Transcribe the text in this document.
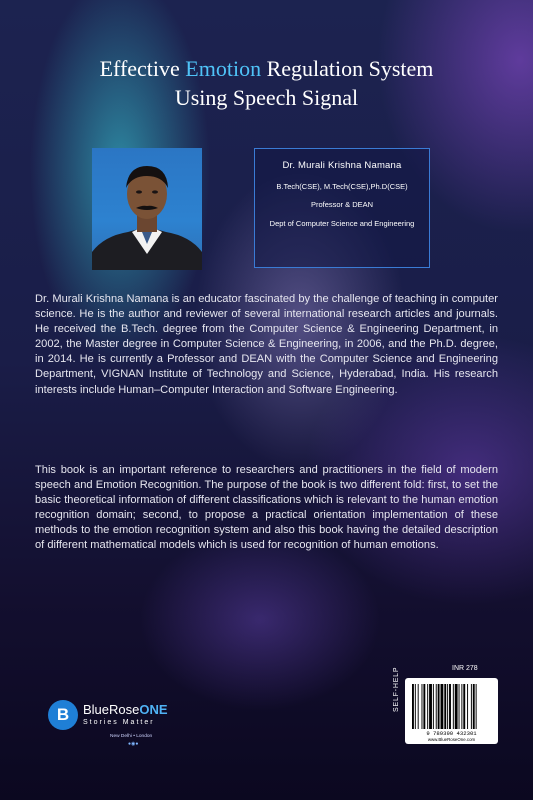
Effective Emotion Regulation System
Using Speech Signal
Dr. Murali Krishna Namana
B.Tech(CSE), M.Tech(CSE),Ph.D(CSE)
Professor & DEAN
Dept of Computer Science and Engineering
Dr. Murali Krishna Namana is an educator fascinated by the challenge of teaching in computer science. He is the author and reviewer of several international research articles and journals. He received the B.Tech. degree from the Computer Science & Engineering Department, in 2002, the Master degree in Computer Science & Engineering, in 2006, and the Ph.D. degree, in 2014. He is currently a Professor and DEAN with the Computer Science and Engineering Department, VIGNAN Institute of Technology and Science, Hyderabad, India. His research interests include Human–Computer Interaction and Software Engineering.
This book is an important reference to researchers and practitioners in the field of modern speech and Emotion Recognition. The purpose of the book is two different fold: first, to set the basic theoretical information of different classifications which is relevant to the human emotion recognition domain; second, to propose a practical orientation implementation of these methods to the emotion recognition system and also this book having the detailed description of different mathematical models which is used for recognition of human emotions.
B	BlueRoseONE
Stories Matter
New Delhi • London
●◉●
INR 278
SELF-HELP
9 789390 432301
www.BlueRoseOne.com
